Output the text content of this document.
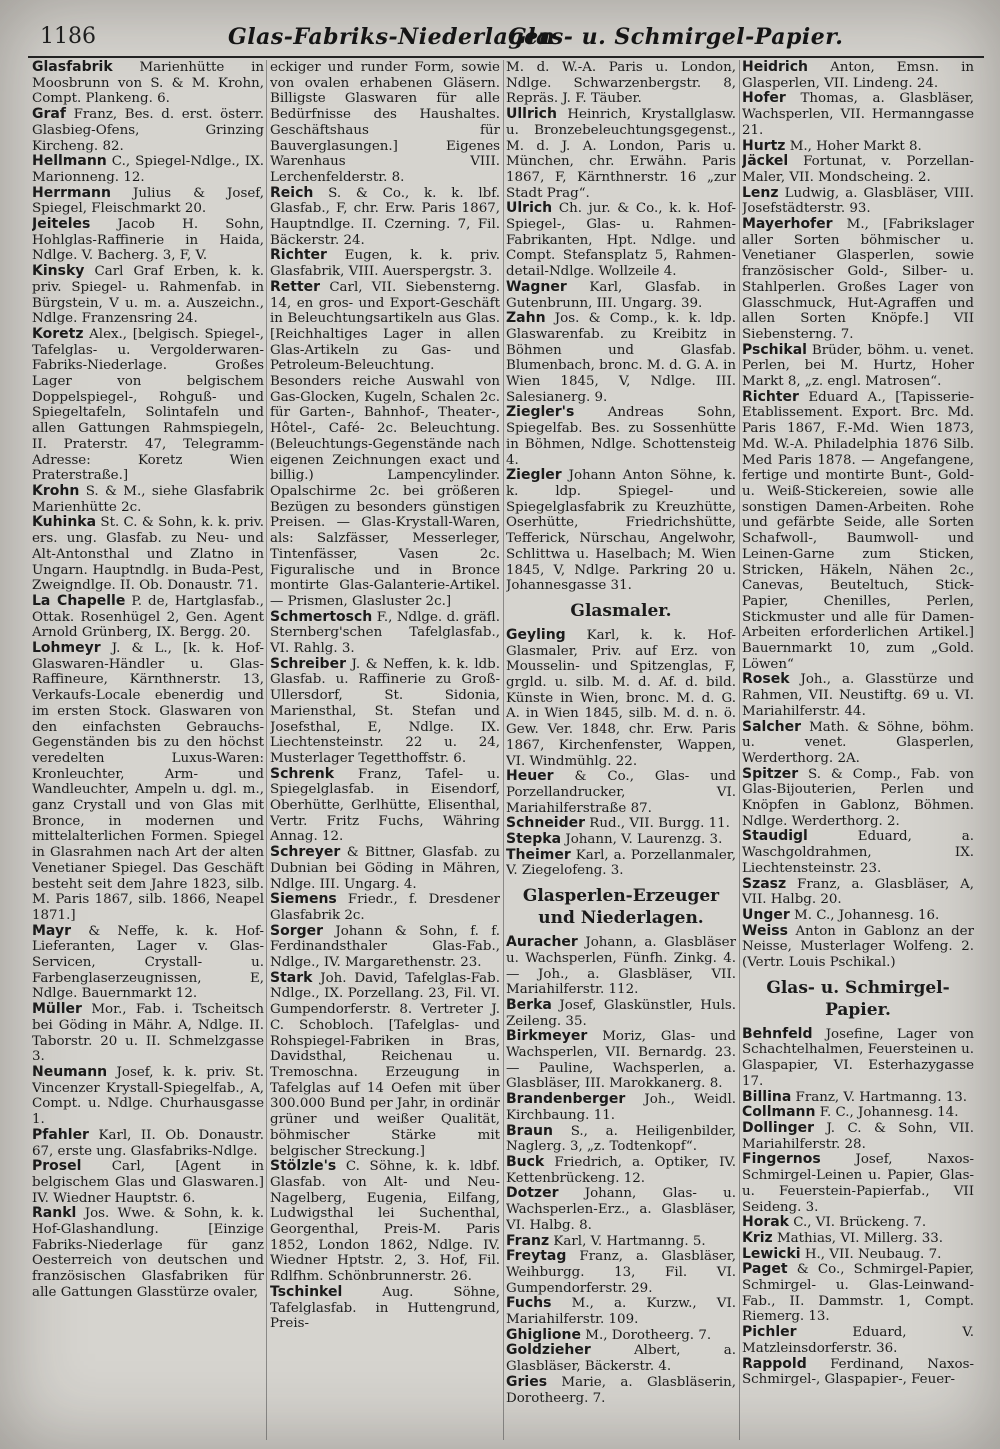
1186	Glas-Fabriks-Niederlagen
Glas- u. Schmirgel-Papier.

Glasfabrik Marienhütte in Moosbrunn von S. & M. Krohn, Compt. Plankeng. 6.

Graf Franz, Bes. d. erst. österr. Glasbieg-Ofens, Grinzing Kircheng. 82.

Hellmann C., Spiegel-Ndlge., IX. Marionneng. 12.

Herrmann Julius & Josef, Spiegel, Fleischmarkt 20.

Jeiteles Jacob H. Sohn, Hohlglas-Raffinerie in Haida, Ndlge. V. Bacherg. 3, F, V.

Kinsky Carl Graf Erben, k. k. priv. Spiegel- u. Rahmenfab. in Bürgstein, V u. m. a. Auszeichn., Ndlge. Franzensring 24.

Koretz Alex., [belgisch. Spiegel-, Tafelglas- u. Vergolderwaren-Fabriks-Niederlage. Großes Lager von belgischem Doppelspiegel-, Rohguß- und Spiegeltafeln, Solintafeln und allen Gattungen Rahmspiegeln, II. Praterstr. 47, Telegramm-Adresse: Koretz Wien Praterstraße.]

Krohn S. & M., siehe Glasfabrik Marienhütte 2c.

Kuhinka St. C. & Sohn, k. k. priv. ers. ung. Glasfab. zu Neu- und Alt-Antonsthal und Zlatno in Ungarn. Hauptndlg. in Buda-Pest, Zweigndlge. II. Ob. Donaustr. 71.

La Chapelle P. de, Hartglasfab., Ottak. Rosenhügel 2, Gen. Agent Arnold Grünberg, IX. Bergg. 20.

Lohmeyr J. & L., [k. k. Hof-Glaswaren-Händler u. Glas-Raffineure, Kärnthnerstr. 13, Verkaufs-Locale ebenerdig und im ersten Stock. Glaswaren von den einfachsten Gebrauchs-Gegenständen bis zu den höchst veredelten Luxus-Waren: Kronleuchter, Arm- und Wandleuchter, Ampeln u. dgl. m., ganz Crystall und von Glas mit Bronce, in modernen und mittelalterlichen Formen. Spiegel in Glasrahmen nach Art der alten Venetianer Spiegel. Das Geschäft besteht seit dem Jahre 1823, silb. M. Paris 1867, silb. 1866, Neapel 1871.]

Mayr & Neffe, k. k. Hof-Lieferanten, Lager v. Glas-Servicen, Crystall- u. Farbenglaserzeugnissen, E, Ndlge. Bauernmarkt 12.

Müller Mor., Fab. i. Tscheitsch bei Göding in Mähr. A, Ndlge. II. Taborstr. 20 u. II. Schmelzgasse 3.

Neumann Josef, k. k. priv. St. Vincenzer Krystall-Spiegelfab., A, Compt. u. Ndlge. Churhausgasse 1.

Pfahler Karl, II. Ob. Donaustr. 67, erste ung. Glasfabriks-Ndlge.

Prosel Carl, [Agent in belgischem Glas und Glaswaren.] IV. Wiedner Hauptstr. 6.

Rankl Jos. Wwe. & Sohn, k. k. Hof-Glashandlung. [Einzige Fabriks-Niederlage für ganz Oesterreich von deutschen und französischen Glasfabriken für alle Gattungen Glasstürze ovaler,

eckiger und runder Form, sowie von ovalen erhabenen Gläsern. Billigste Glaswaren für alle Bedürfnisse des Haushaltes. Geschäftshaus für Bauverglasungen.] Eigenes Warenhaus VIII. Lerchenfelderstr. 8.

Reich S. & Co., k. k. lbf. Glasfab., F, chr. Erw. Paris 1867, Hauptndlge. II. Czerning. 7, Fil. Bäckerstr. 24.

Richter Eugen, k. k. priv. Glasfabrik, VIII. Auerspergstr. 3.

Retter Carl, VII. Siebensterng. 14, en gros- und Export-Geschäft in Beleuchtungsartikeln aus Glas. [Reichhaltiges Lager in allen Glas-Artikeln zu Gas- und Petroleum-Beleuchtung. Besonders reiche Auswahl von Gas-Glocken, Kugeln, Schalen 2c. für Garten-, Bahnhof-, Theater-, Hôtel-, Café- 2c. Beleuchtung. (Beleuchtungs-Gegenstände nach eigenen Zeichnungen exact und billig.) Lampencylinder. Opalschirme 2c. bei größeren Bezügen zu besonders günstigen Preisen. — Glas-Krystall-Waren, als: Salzfässer, Messerleger, Tintenfässer, Vasen 2c. Figuralische und in Bronce montirte Glas-Galanterie-Artikel. — Prismen, Glasluster 2c.]

Schmertosch F., Ndlge. d. gräfl. Sternberg'schen Tafelglasfab., VI. Rahlg. 3.

Schreiber J. & Neffen, k. k. ldb. Glasfab. u. Raffinerie zu Groß-Ullersdorf, St. Sidonia, Mariensthal, St. Stefan und Josefsthal, E, Ndlge. IX. Liechtensteinstr. 22 u. 24, Musterlager Tegetthoffstr. 6.

Schrenk Franz, Tafel- u. Spiegelglasfab. in Eisendorf, Oberhütte, Gerlhütte, Elisenthal, Vertr. Fritz Fuchs, Währing Annag. 12.

Schreyer & Bittner, Glasfab. zu Dubnian bei Göding in Mähren, Ndlge. III. Ungarg. 4.

Siemens Friedr., f. Dresdener Glasfabrik 2c.

Sorger Johann & Sohn, f. f. Ferdinandsthaler Glas-Fab., Ndlge., IV. Margarethenstr. 23.

Stark Joh. David, Tafelglas-Fab. Ndlge., IX. Porzellang. 23, Fil. VI. Gumpendorferstr. 8. Vertreter J. C. Schobloch. [Tafelglas- und Rohspiegel-Fabriken in Bras, Davidsthal, Reichenau u. Tremoschna. Erzeugung in Tafelglas auf 14 Oefen mit über 300.000 Bund per Jahr, in ordinär grüner und weißer Qualität, böhmischer Stärke mit belgischer Streckung.]

Stölzle's C. Söhne, k. k. ldbf. Glasfab. von Alt- und Neu-Nagelberg, Eugenia, Eilfang, Ludwigsthal lei Suchenthal, Georgenthal, Preis-M. Paris 1852, London 1862, Ndlge. IV. Wiedner Hptstr. 2, 3. Hof, Fil. Rdlfhm. Schönbrunnerstr. 26.

Tschinkel	Aug. Söhne, Tafelglasfab. in Huttengrund, Preis-

M. d. W.-A. Paris u. London, Ndlge. Schwarzenbergstr. 8, Repräs. J. F. Täuber.

Ullrich Heinrich, Krystallglasw. u. Bronzebeleuchtungsgegenst., M. d. J. A. London, Paris u. München, chr. Erwähn. Paris 1867, F, Kärnthnerstr. 16 „zur Stadt Prag“.

Ulrich Ch. jur. & Co., k. k. Hof-Spiegel-, Glas- u. Rahmen-Fabrikanten, Hpt. Ndlge. und Compt. Stefansplatz 5, Rahmen-detail-Ndlge. Wollzeile 4.

Wagner Karl, Glasfab. in Gutenbrunn, III. Ungarg. 39.

Zahn Jos. & Comp., k. k. ldp. Glaswarenfab. zu Kreibitz in Böhmen und Glasfab. Blumenbach, bronc. M. d. G. A. in Wien 1845, V, Ndlge. III. Salesianerg. 9.

Ziegler's Andreas Sohn, Spiegelfab. Bes. zu Sossenhütte in Böhmen, Ndlge. Schottensteig 4.

Ziegler Johann Anton Söhne, k. k. ldp. Spiegel- und Spiegelglasfabrik zu Kreuzhütte, Oserhütte, Friedrichshütte, Tefferick, Nürschau, Angelwohr, Schlittwa u. Haselbach; M. Wien 1845, V, Ndlge. Parkring 20 u. Johannesgasse 31.

Glasmaler.

Geyling Karl, k. k. Hof-Glasmaler, Priv. auf Erz. von Mousselin- und Spitzenglas, F, grgld. u. silb. M. d. Af. d. bild. Künste in Wien, bronc. M. d. G. A. in Wien 1845, silb. M. d. n. ö. Gew. Ver. 1848, chr. Erw. Paris 1867, Kirchenfenster, Wappen, VI. Windmühlg. 22.

Heuer & Co., Glas- und Porzellandrucker, VI. Mariahilferstraße 87.

Schneider Rud., VII. Burgg. 11.

Stepka Johann, V. Laurenzg. 3.

Theimer Karl, a. Porzellanmaler, V. Ziegelofeng. 3.

Glasperlen-Erzeuger und Niederlagen.

Auracher Johann, a. Glasbläser u. Wachsperlen, Fünfh. Zinkg. 4. — Joh., a. Glasbläser, VII. Mariahilferstr. 112.

Berka Josef, Glaskünstler, Huls. Zeileng. 35.

Birkmeyer Moriz, Glas- und Wachsperlen, VII. Bernardg. 23. — Pauline, Wachsperlen, a. Glasbläser, III. Marokkanerg. 8.

Brandenberger Joh., Weidl. Kirchbaung. 11.

Braun S., a. Heiligenbilder, Naglerg. 3, „z. Todtenkopf“.

Buck Friedrich, a. Optiker, IV. Kettenbrückeng. 12.

Dotzer Johann, Glas- u. Wachsperlen-Erz., a. Glasbläser, VI. Halbg. 8.

Franz Karl, V. Hartmanng. 5.

Freytag Franz, a. Glasbläser, Weihburgg. 13, Fil. VI. Gumpendorferstr. 29.

Fuchs M., a. Kurzw., VI. Mariahilferstr. 109.

Ghiglione M., Dorotheerg. 7.

Goldzieher	Albert, a. Glasbläser, Bäckerstr. 4.

Gries Marie, a. Glasbläserin, Dorotheerg. 7.

Heidrich Anton, Emsn. in Glasperlen, VII. Lindeng. 24.

Hofer Thomas, a. Glasbläser, Wachsperlen, VII. Hermanngasse 21.

Hurtz M., Hoher Markt 8.

Jäckel Fortunat, v. Porzellan-Maler, VII. Mondscheing. 2.

Lenz Ludwig, a. Glasbläser, VIII. Josefstädterstr. 93.

Mayerhofer M., [Fabrikslager aller Sorten böhmischer u. Venetianer Glasperlen, sowie französischer Gold-, Silber- u. Stahlperlen. Großes Lager von Glasschmuck, Hut-Agraffen und allen Sorten Knöpfe.] VII Siebensterng. 7.

Pschikal Brüder, böhm. u. venet. Perlen, bei M. Hurtz, Hoher Markt 8, „z. engl. Matrosen“.

Richter Eduard A., [Tapisserie-Etablissement. Export. Brc. Md. Paris 1867, F.-Md. Wien 1873, Md. W.-A. Philadelphia 1876 Silb. Med Paris 1878. — Angefangene, fertige und montirte Bunt-, Gold- u. Weiß-Stickereien, sowie alle sonstigen Damen-Arbeiten. Rohe und gefärbte Seide, alle Sorten Schafwoll-, Baumwoll- und Leinen-Garne zum Sticken, Stricken, Häkeln, Nähen 2c., Canevas, Beuteltuch, Stick-Papier, Chenilles, Perlen, Stickmuster und alle für Damen-Arbeiten erforderlichen Artikel.] Bauernmarkt 10, zum „Gold. Löwen“

Rosek Joh., a. Glasstürze und Rahmen, VII. Neustiftg. 69 u. VI. Mariahilferstr. 44.

Salcher Math. & Söhne, böhm. u. venet. Glasperlen, Werderthorg. 2A.

Spitzer S. & Comp., Fab. von Glas-Bijouterien, Perlen und Knöpfen in Gablonz, Böhmen. Ndlge. Werderthorg. 2.

Staudigl	Eduard, a. Waschgoldrahmen, IX. Liechtensteinstr. 23.

Szasz Franz, a. Glasbläser, A, VII. Halbg. 20.

Unger M. C., Johannesg. 16.

Weiss Anton in Gablonz an der Neisse, Musterlager Wolfeng. 2. (Vertr. Louis Pschikal.)

Glas- u. Schmirgel-Papier.

Behnfeld Josefine, Lager von Schachtelhalmen, Feuersteinen u. Glaspapier, VI. Esterhazygasse 17.

Billina Franz, V. Hartmanng. 13.

Collmann F. C., Johannesg. 14.

Dollinger J. C. & Sohn, VII. Mariahilferstr. 28.

Fingernos	Josef, Naxos-Schmirgel-Leinen u. Papier, Glas- u. Feuerstein-Papierfab., VII Seideng. 3.

Horak C., VI. Brückeng. 7.

Kriz Mathias, VI. Millerg. 33.

Lewicki H., VII. Neubaug. 7.

Paget & Co., Schmirgel-Papier, Schmirgel- u. Glas-Leinwand-Fab., II. Dammstr. 1, Compt. Riemerg. 13.

Pichler	Eduard, V. Matzleinsdorferstr. 36.

Rappold Ferdinand, Naxos-Schmirgel-, Glaspapier-, Feuer-
